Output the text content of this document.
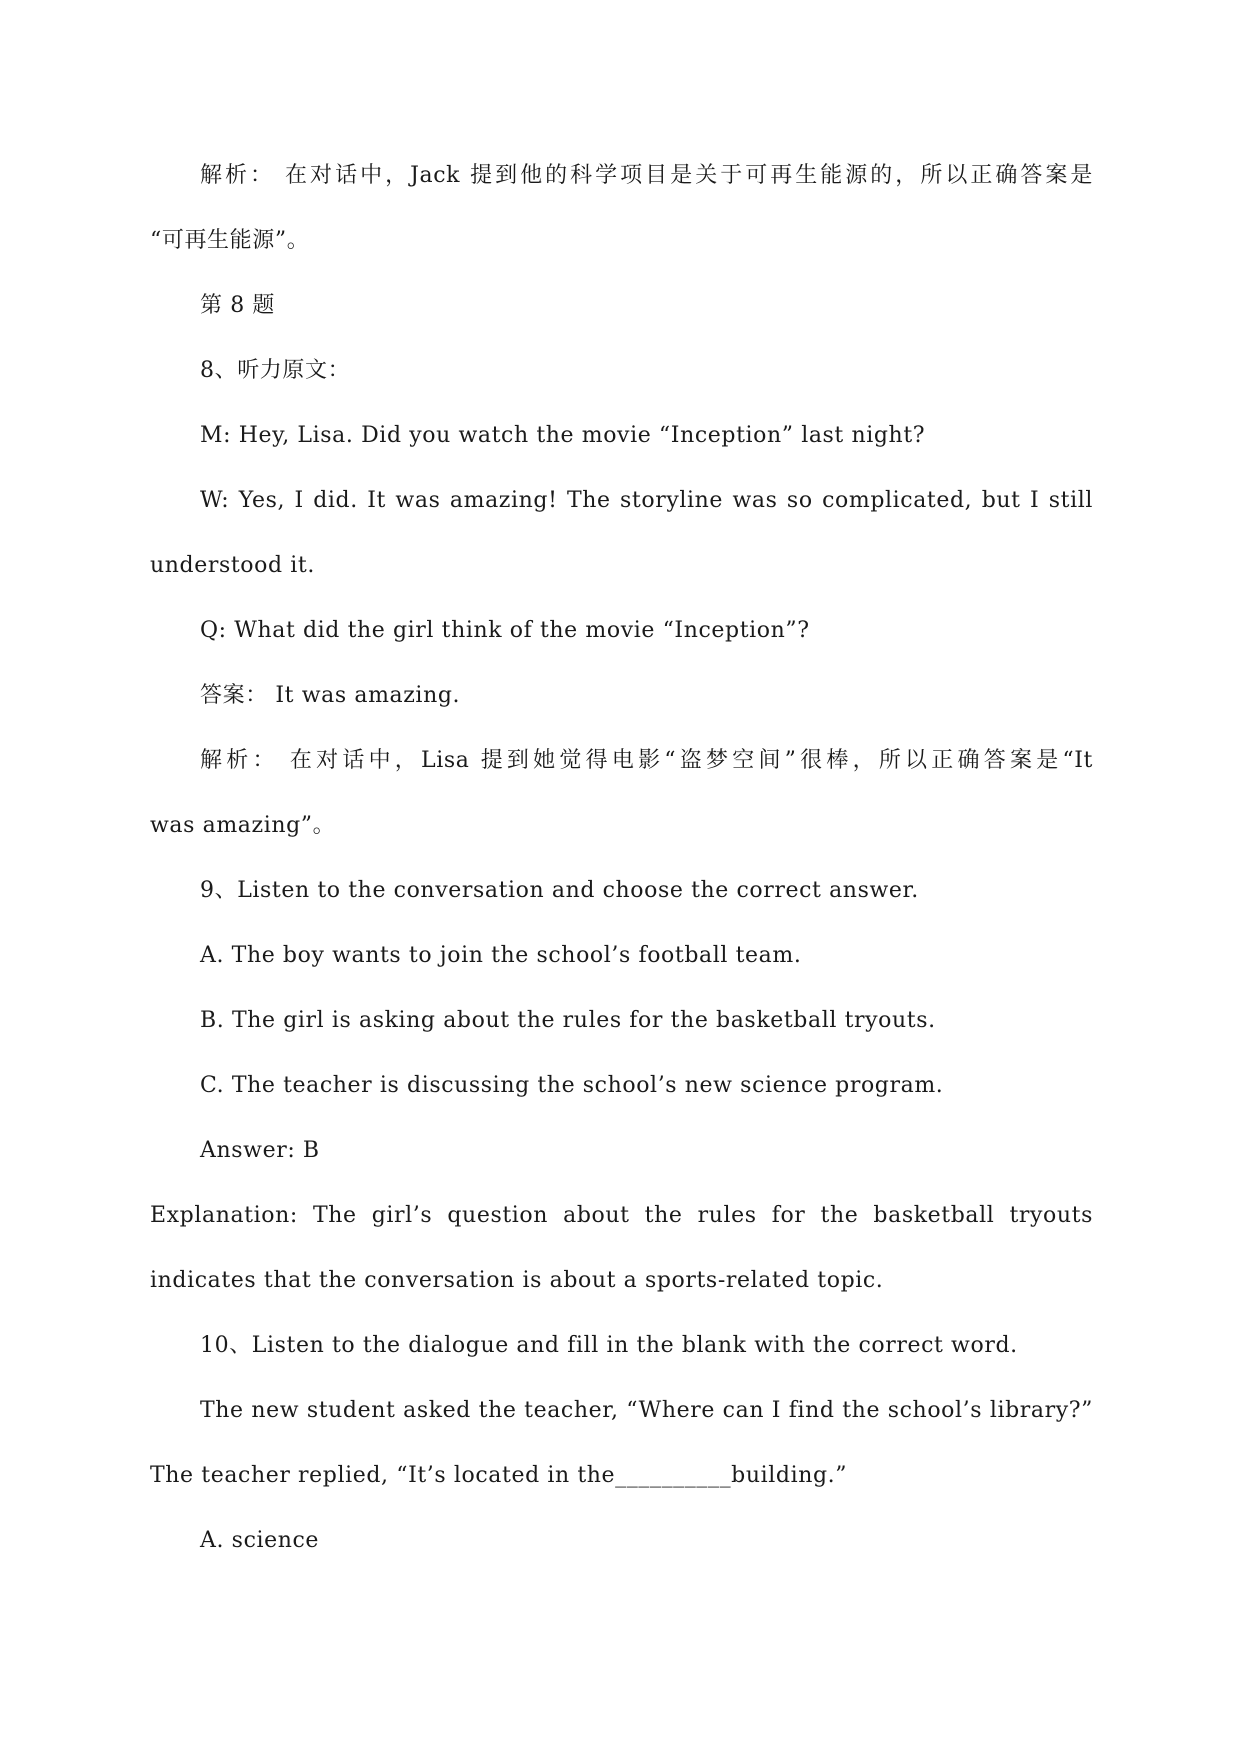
解析： 在对话中，Jack 提到他的科学项目是关于可再生能源的，所以正确答案是

“可再生能源”。

第 8 题

8、听力原文：

M: Hey, Lisa. Did you watch the movie “Inception” last night?

W: Yes, I did. It was amazing! The storyline was so complicated, but I still

understood it.

Q: What did the girl think of the movie “Inception”?

答案： It was amazing.

解析： 在对话中，Lisa 提到她觉得电影“盗梦空间”很棒，所以正确答案是“It

was amazing”。

9、Listen to the conversation and choose the correct answer.

A. The boy wants to join the school’s football team.

B. The girl is asking about the rules for the basketball tryouts.

C. The teacher is discussing the school’s new science program.

Answer: B

Explanation: The girl’s question about the rules for the basketball tryouts

indicates that the conversation is about a sports-related topic.

10、Listen to the dialogue and fill in the blank with the correct word.

The new student asked the teacher, “Where can I find the school’s library?”

The teacher replied, “It’s located in the__________building.”

A. science
